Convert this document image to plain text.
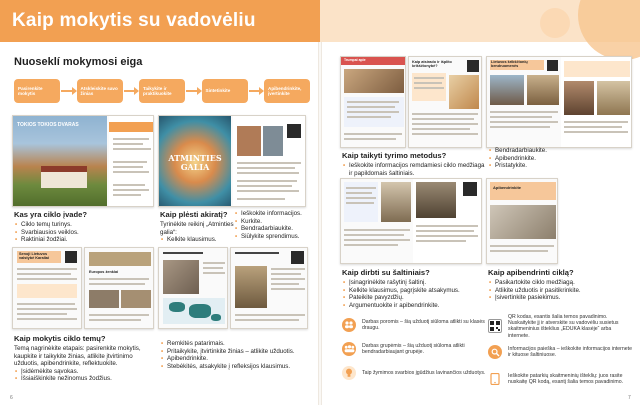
Kaip mokytis su vadovėliu
Nuoseklí mokymosi eiga
Pasirenkite mokytis
Atskleiskite savo žinias
Taikykite ir praktikuokite
Sintetinkite
Apibendrinkite, įvertinkite
TOKIOS TOKIOS DVARAS
ATMINTIES GALIA
Kas yra ciklo įvade?
• Ciklo temų turinys.
• Svarbiausios veiklos.
• Raktiniai žodžiai.
Kaip plėsti akiratį?

Tyrinėkite reikinį „Atminties galia“:

• Kelkite klausimus.
• Ieškokite informacijos.
• Kurkite.
• Bendradarbiaukite.
• Siūlykite sprendimus.
Senoji Lietuvos valstybė Karaliai
Europos ženklai
Kaip mokytis ciklo temų?

Temą nagrinėkite etapais: pasirenkite mokytis, kaupkite ir taikykite žinias, atlikite įtvirtinimo užduotis, apibendrinkite, reflektuokite.

• Įsidėmėkite sąvokas.
• Išsiaiškinkite nežinomus žodžius.
• Remkitės patarimais.
• Pritaikykite, įtvirtinkite žinias – atlikite užduotis.
• Apibendrinkite.
• Stebėkitės, atsakykite į refleksijos klausimus.
Trumpai apie	Kaip atsirado ir išplito krikščionybė?
Lietuvos krikščionių bendruomenės
Kaip taikyti tyrimo metodus?
• Ieškokite informacijos remdamiesi ciklo medžiaga ir papildomais šaltiniais.
• Bendradarbiaukite.
• Apibendrinkite.
• Pristatykite.
Apibendrinkite
Kaip dirbti su šaltiniais?
• Įsinagrinėkite rašytinį šaltinį.
• Kelkite klausimus, pagrįskite atsakymus.
• Pateikite pavyzdžių.
• Argumentuokite ir apibendrinkite.
Kaip apibendrinti ciklą?
• Pasikartokite ciklo medžiagą.
• Atlikite užduotis ir pasitikrinkite.
• Įsivertinkite pasiekimus.
Darbas poromis – šią užduotį siūloma atlikti su klasės draugu.
Darbas grupėmis – šią užduotį siūloma atlikti bendradarbiaujant grupėje.
Taip žymimos svarbios įgūdžius lavinančios užduotys.
QR kodas, esantis šalia temos pavadinimo. Nuskaitykite jį ir atverskite su vadovėliu susietus skaitmeninius išteklius „EDUKA klasėje“ arba internete.
Informacijos paieška – ieškokite informacijos internete ir kituose šaltiniuose.
Ieškokite patarkių skaitmeninių išteklių: juos rasite nuskaitę QR kodą, esantį šalia temos pavadinimo.
6	7
